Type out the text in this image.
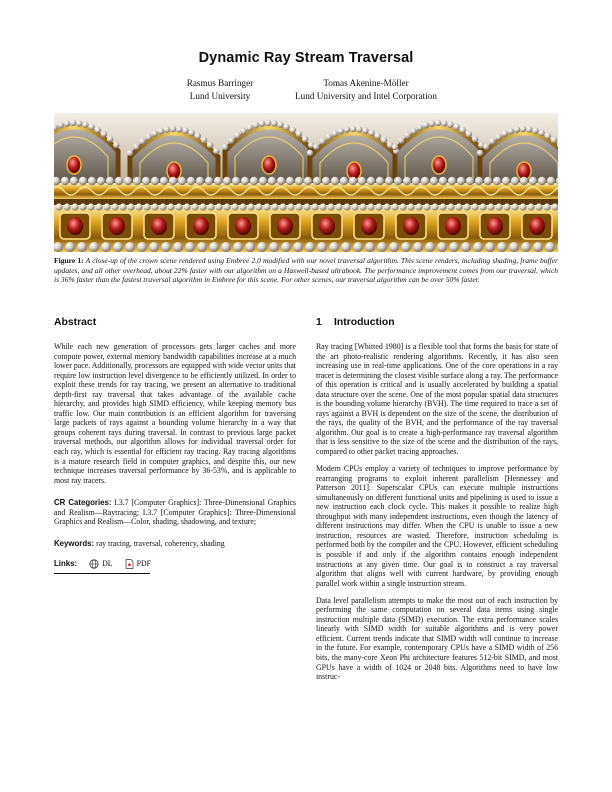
Dynamic Ray Stream Traversal
Rasmus Barringer
Lund University
Tomas Akenine-Möller
Lund University and Intel Corporation
Figure 1: A close-up of the crown scene rendered using Embree 2.0 modified with our novel traversal algorithm. This scene renders, including shading, frame buffer updates, and all other overhead, about 22% faster with our algorithm on a Haswell-based ultrabook. The performance improvement comes from our traversal, which is 36% faster than the fastest traversal algorithm in Embree for this scene. For other scenes, our traversal algorithm can be over 50% faster.
Abstract

While each new generation of processors gets larger caches and more compute power, external memory bandwidth capabilities increase at a much lower pace. Additionally, processors are equipped with wide vector units that require low instruction level divergence to be efficiently utilized. In order to exploit these trends for ray tracing, we present an alternative to traditional depth-first ray traversal that takes advantage of the available cache hierarchy, and provides high SIMD efficiency, while keeping memory bus traffic low. Our main contribution is an efficient algorithm for traversing large packets of rays against a bounding volume hierarchy in a way that groups coherent rays during traversal. In contrast to previous large packet traversal methods, our algorithm allows for individual traversal order for each ray, which is essential for efficient ray tracing. Ray tracing algorithms is a mature research field in computer graphics, and despite this, our new technique increases traversal performance by 36-53%, and is applicable to most ray tracers.

CR Categories: I.3.7 [Computer Graphics]: Three-Dimensional Graphics and Realism—Raytracing; I.3.7 [Computer Graphics]: Three-Dimensional Graphics and Realism—Color, shading, shadowing, and texture;

Keywords: ray tracing, traversal, coherency, shading

Links:	DL	PDF
1 Introduction

Ray tracing [Whitted 1980] is a flexible tool that forms the basis for state of the art photo-realistic rendering algorithms. Recently, it has also seen increasing use in real-time applications. One of the core operations in a ray tracer is determining the closest visible surface along a ray. The performance of this operation is critical and is usually accelerated by building a spatial data structure over the scene. One of the most popular spatial data structures is the bounding volume hierarchy (BVH). The time required to trace a set of rays against a BVH is dependent on the size of the scene, the distribution of the rays, the quality of the BVH, and the performance of the ray traversal algorithm. Our goal is to create a high-performance ray traversal algorithm that is less sensitive to the size of the scene and the distribution of the rays, compared to other packet tracing approaches.

Modern CPUs employ a variety of techniques to improve performance by rearranging programs to exploit inherent parallelism [Hennessey and Patterson 2011]. Superscalar CPUs can execute multiple instructions simultaneously on different functional units and pipelining is used to issue a new instruction each clock cycle. This makes it possible to realize high throughput with many independent instructions, even though the latency of different instructions may differ. When the CPU is unable to issue a new instruction, resources are wasted. Therefore, instruction scheduling is performed both by the compiler and the CPU. However, efficient scheduling is possible if and only if the algorithm contains enough independent instructions at any given time. Our goal is to construct a ray traversal algorithm that aligns well with current hardware, by providing enough parallel work within a single instruction stream.

Data level parallelism attempts to make the most out of each instruction by performing the same computation on several data items using single instruction multiple data (SIMD) execution. The extra performance scales linearly with SIMD width for suitable algorithms and is very power efficient. Current trends indicate that SIMD width will continue to increase in the future. For example, contemporary CPUs have a SIMD width of 256 bits, the many-core Xeon Phi architecture features 512-bit SIMD, and most GPUs have a width of 1024 or 2048 bits. Algorithms need to have low instruc-
